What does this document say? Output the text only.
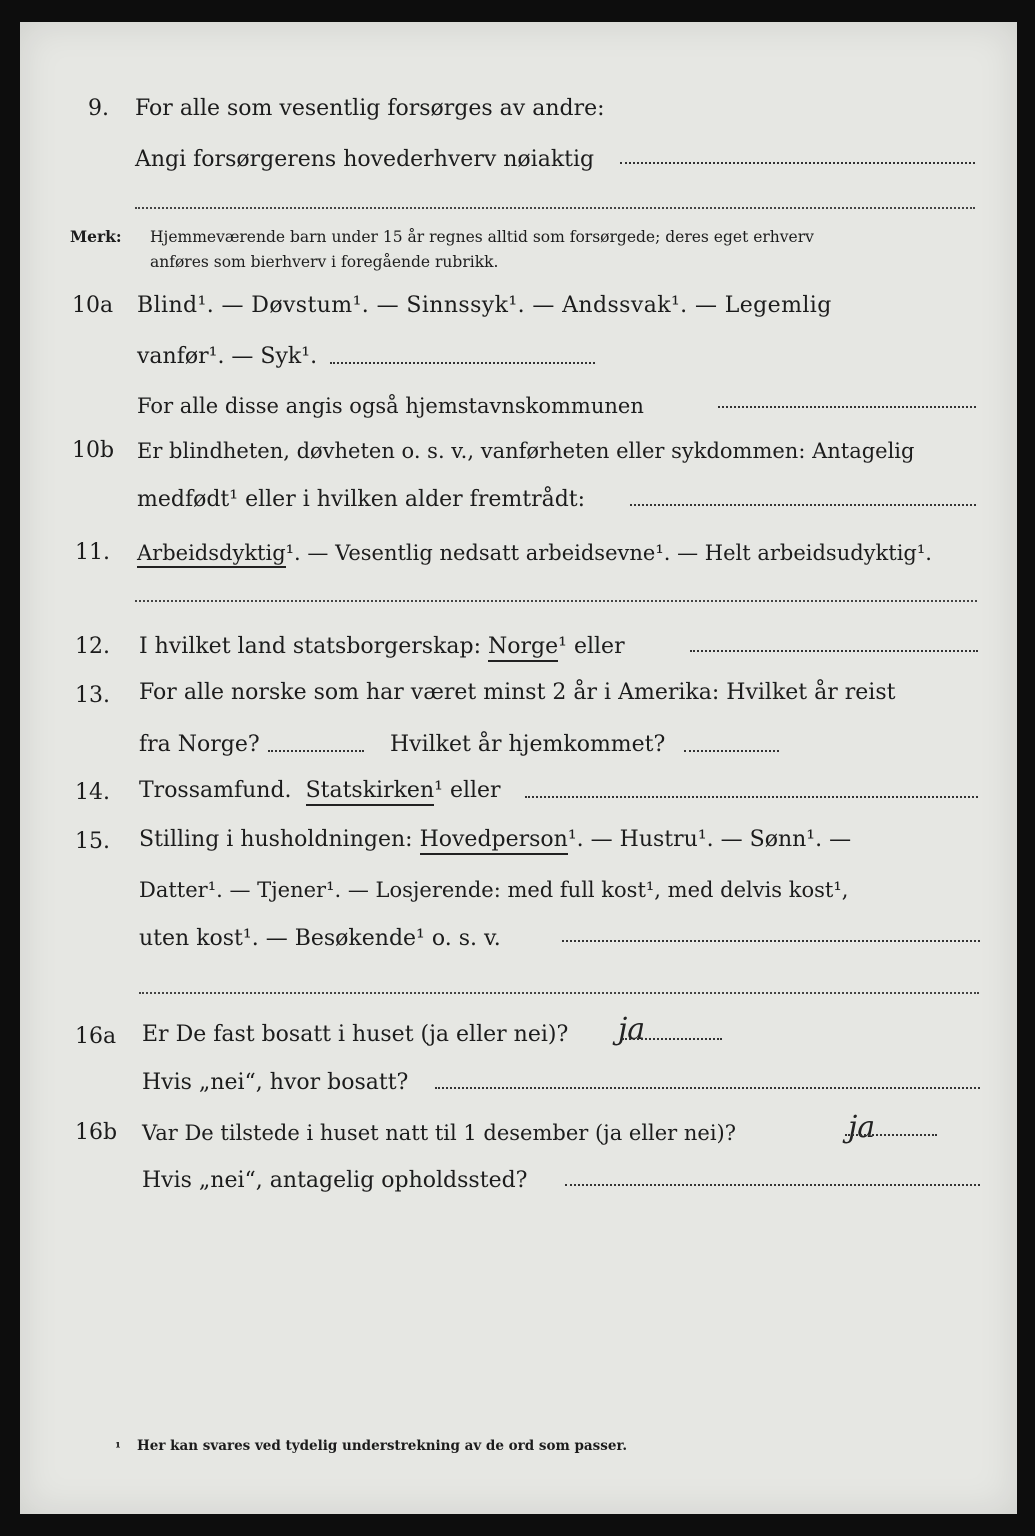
9. For alle som vesentlig forsørges av andre:
Angi forsørgerens hovederhverv nøiaktig
Merk: Hjemmeværende barn under 15 år regnes alltid som forsørgede; deres eget erhverv
anføres som bierhverv i foregående rubrikk.
10a Blind¹. — Døvstum¹. — Sinnssyk¹. — Andssvak¹. — Legemlig
vanfør¹. — Syk¹.
For alle disse angis også hjemstavnskommunen
10b Er blindheten, døvheten o. s. v., vanførheten eller sykdommen: Antagelig
medfødt¹ eller i hvilken alder fremtrådt:
11. Arbeidsdyktig¹. — Vesentlig nedsatt arbeidsevne¹. — Helt arbeidsudyktig¹.
12. I hvilket land statsborgerskap: Norge¹ eller
13. For alle norske som har været minst 2 år i Amerika: Hvilket år reist
fra Norge?	Hvilket år hjemkommet?
14. Trossamfund. Statskirken¹ eller
15. Stilling i husholdningen: Hovedperson¹. — Hustru¹. — Sønn¹. —
Datter¹. — Tjener¹. — Losjerende: med full kost¹, med delvis kost¹,
uten kost¹. — Besøkende¹ o. s. v.
16a Er De fast bosatt i huset (ja eller nei)? ja
Hvis „nei“, hvor bosatt?
16b Var De tilstede i huset natt til 1 desember (ja eller nei)?	ja
Hvis „nei“, antagelig opholdssted?
¹ Her kan svares ved tydelig understrekning av de ord som passer.
